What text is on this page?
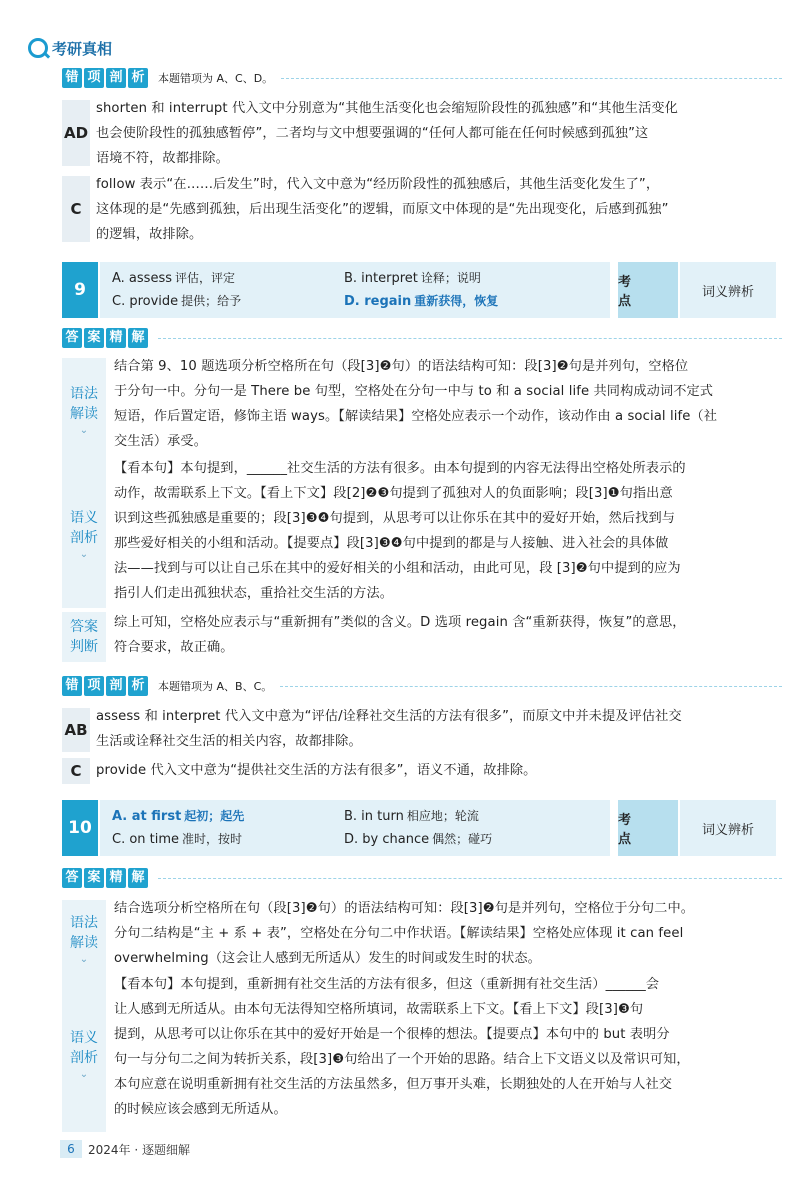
考研真相
错 项 剖 析	本题错项为 A、C、D。
AD
shorten 和 interrupt 代入文中分别意为“其他生活变化也会缩短阶段性的孤独感”和“其他生活变化
也会使阶段性的孤独感暂停”，二者均与文中想要强调的“任何人都可能在任何时候感到孤独”这
语境不符，故都排除。
C
follow 表示“在……后发生”时，代入文中意为“经历阶段性的孤独感后，其他生活变化发生了”，
这体现的是“先感到孤独，后出现生活变化”的逻辑，而原文中体现的是“先出现变化，后感到孤独”
的逻辑，故排除。
9
A. assess 评估，评定	B. interpret 诠释；说明
C. provide 提供；给予	D. regain 重新获得，恢复
考 点
词义辨析
答 案 精 解
语法
解读
⌄
结合第 9、10 题选项分析空格所在句（段[3]❷句）的语法结构可知：段[3]❷句是并列句，空格位
于分句一中。分句一是 There be 句型，空格处在分句一中与 to 和 a social life 共同构成动词不定式
短语，作后置定语，修饰主语 ways。【解读结果】空格处应表示一个动作，该动作由 a social life（社
交生活）承受。
语义
剖析
⌄
【看本句】本句提到，______社交生活的方法有很多。由本句提到的内容无法得出空格处所表示的
动作，故需联系上下文。【看上下文】段[2]❷❸句提到了孤独对人的负面影响；段[3]❶句指出意
识到这些孤独感是重要的；段[3]❸❹句提到，从思考可以让你乐在其中的爱好开始，然后找到与
那些爱好相关的小组和活动。【提要点】段[3]❸❹句中提到的都是与人接触、进入社会的具体做
法——找到与可以让自己乐在其中的爱好相关的小组和活动，由此可见，段 [3]❷句中提到的应为
指引人们走出孤独状态，重拾社交生活的方法。
答案
判断
综上可知，空格处应表示与“重新拥有”类似的含义。D 选项 regain 含“重新获得，恢复”的意思，
符合要求，故正确。
错 项 剖 析	本题错项为 A、B、C。
AB
assess 和 interpret 代入文中意为“评估/诠释社交生活的方法有很多”，而原文中并未提及评估社交
生活或诠释社交生活的相关内容，故都排除。
C	provide 代入文中意为“提供社交生活的方法有很多”，语义不通，故排除。
10
A. at first 起初；起先	B. in turn 相应地；轮流
C. on time 准时，按时	D. by chance 偶然；碰巧
考 点
词义辨析
答 案 精 解
语法
解读
⌄
结合选项分析空格所在句（段[3]❷句）的语法结构可知：段[3]❷句是并列句，空格位于分句二中。
分句二结构是“主 + 系 + 表”，空格处在分句二中作状语。【解读结果】空格处应体现 it can feel
overwhelming（这会让人感到无所适从）发生的时间或发生时的状态。
语义
剖析
⌄
【看本句】本句提到，重新拥有社交生活的方法有很多，但这（重新拥有社交生活）______会
让人感到无所适从。由本句无法得知空格所填词，故需联系上下文。【看上下文】段[3]❸句
提到，从思考可以让你乐在其中的爱好开始是一个很棒的想法。【提要点】本句中的 but 表明分
句一与分句二之间为转折关系，段[3]❸句给出了一个开始的思路。结合上下文语义以及常识可知，
本句应意在说明重新拥有社交生活的方法虽然多，但万事开头难，长期独处的人在开始与人社交
的时候应该会感到无所适从。
6	2024年 · 逐题细解
